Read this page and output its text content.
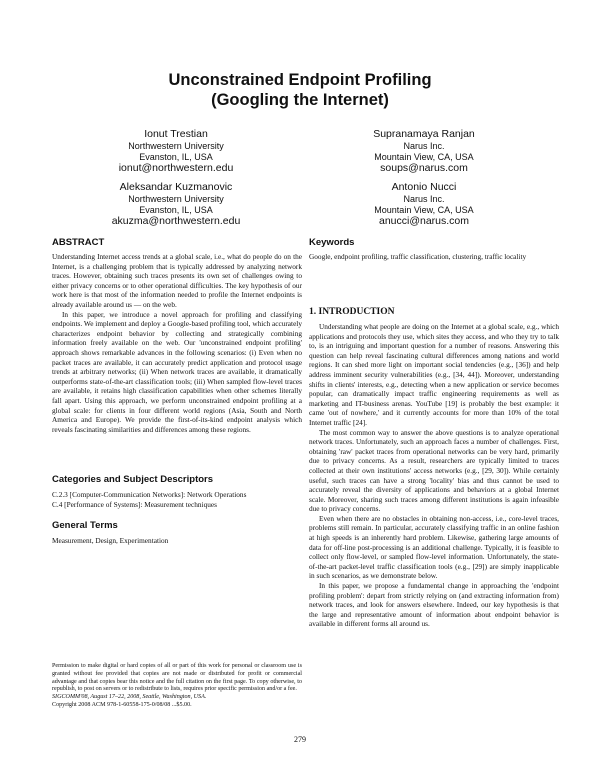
Unconstrained Endpoint Profiling
(Googling the Internet)
Ionut Trestian
Northwestern University
Evanston, IL, USA
ionut@northwestern.edu
Supranamaya Ranjan
Narus Inc.
Mountain View, CA, USA
soups@narus.com
Aleksandar Kuzmanovic
Northwestern University
Evanston, IL, USA
akuzma@northwestern.edu
Antonio Nucci
Narus Inc.
Mountain View, CA, USA
anucci@narus.com
ABSTRACT

Understanding Internet access trends at a global scale, i.e., what do people do on the Internet, is a challenging problem that is typically addressed by analyzing network traces. However, obtaining such traces presents its own set of challenges owing to either privacy concerns or to other operational difficulties. The key hypothesis of our work here is that most of the information needed to profile the Internet endpoints is already available around us — on the web.

In this paper, we introduce a novel approach for profiling and classifying endpoints. We implement and deploy a Google-based profiling tool, which accurately characterizes endpoint behavior by collecting and strategically combining information freely available on the web. Our 'unconstrained endpoint profiling' approach shows remarkable advances in the following scenarios: (i) Even when no packet traces are available, it can accurately predict application and protocol usage trends at arbitrary networks; (ii) When network traces are available, it dramatically outperforms state-of-the-art classification tools; (iii) When sampled flow-level traces are available, it retains high classification capabilities when other schemes literally fall apart. Using this approach, we perform unconstrained endpoint profiling at a global scale: for clients in four different world regions (Asia, South and North America and Europe). We provide the first-of-its-kind endpoint analysis which reveals fascinating similarities and differences among these regions.

Categories and Subject Descriptors

C.2.3 [Computer-Communication Networks]: Network Operations

C.4 [Performance of Systems]: Measurement techniques

General Terms

Measurement, Design, Experimentation

Permission to make digital or hard copies of all or part of this work for personal or classroom use is granted without fee provided that copies are not made or distributed for profit or commercial advantage and that copies bear this notice and the full citation on the first page. To copy otherwise, to republish, to post on servers or to redistribute to lists, requires prior specific permission and/or a fee.
SIGCOMM'08, August 17–22, 2008, Seattle, Washington, USA.
Copyright 2008 ACM 978-1-60558-175-0/08/08 ...$5.00.
Keywords

Google, endpoint profiling, traffic classification, clustering, traffic locality

1. INTRODUCTION

Understanding what people are doing on the Internet at a global scale, e.g., which applications and protocols they use, which sites they access, and who they try to talk to, is an intriguing and important question for a number of reasons. Answering this question can help reveal fascinating cultural differences among nations and world regions. It can shed more light on important social tendencies (e.g., [36]) and help address imminent security vulnerabilities (e.g., [34, 44]). Moreover, understanding shifts in clients' interests, e.g., detecting when a new application or service becomes popular, can dramatically impact traffic engineering requirements as well as marketing and IT-business arenas. YouTube [19] is probably the best example: it came 'out of nowhere,' and it currently accounts for more than 10% of the total Internet traffic [24].

The most common way to answer the above questions is to analyze operational network traces. Unfortunately, such an approach faces a number of challenges. First, obtaining 'raw' packet traces from operational networks can be very hard, primarily due to privacy concerns. As a result, researchers are typically limited to traces collected at their own institutions' access networks (e.g., [29, 30]). While certainly useful, such traces can have a strong 'locality' bias and thus cannot be used to accurately reveal the diversity of applications and behaviors at a global Internet scale. Moreover, sharing such traces among different institutions is again infeasible due to privacy concerns.

Even when there are no obstacles in obtaining non-access, i.e., core-level traces, problems still remain. In particular, accurately classifying traffic in an online fashion at high speeds is an inherently hard problem. Likewise, gathering large amounts of data for off-line post-processing is an additional challenge. Typically, it is feasible to collect only flow-level, or sampled flow-level information. Unfortunately, the state-of-the-art packet-level traffic classification tools (e.g., [29]) are simply inapplicable in such scenarios, as we demonstrate below.

In this paper, we propose a fundamental change in approaching the 'endpoint profiling problem': depart from strictly relying on (and extracting information from) network traces, and look for answers elsewhere. Indeed, our key hypothesis is that the large and representative amount of information about endpoint behavior is available in different forms all around us.

279
